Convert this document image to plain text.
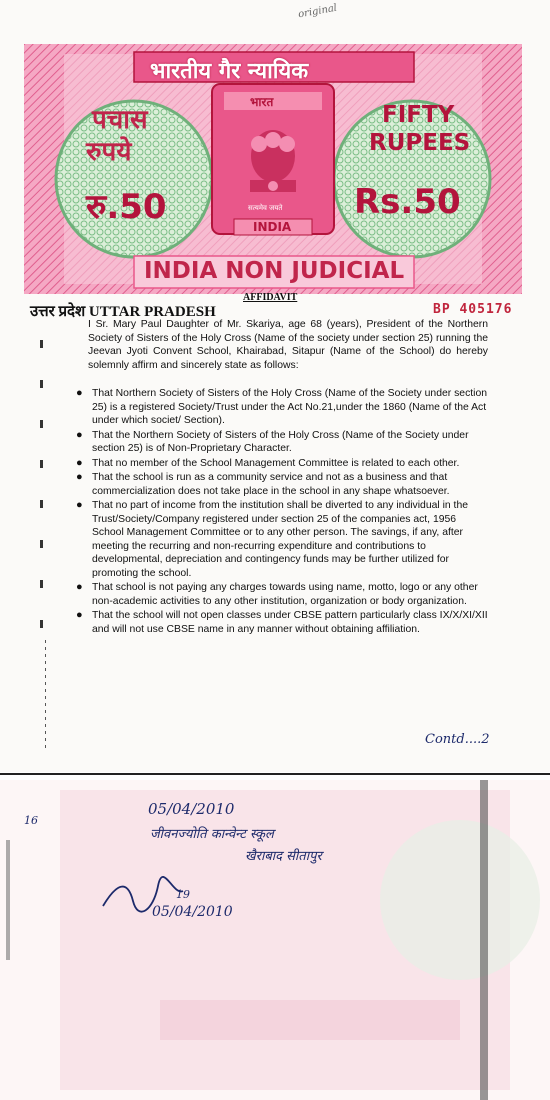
original
भारतीय गैर न्यायिक
भारत
पचास
रुपये
रु.50
FIFTY
RUPEES
Rs.50
INDIA
सत्यमेव जयते
INDIA NON JUDICIAL
AFFIDAVIT
उत्तर प्रदेश UTTAR PRADESH	BP 405176
I Sr. Mary Paul Daughter of Mr. Skariya, age 68 (years), President of the Northern Society of Sisters of the Holy Cross (Name of the society under section 25) running the Jeevan Jyoti Convent School, Khairabad, Sitapur (Name of the School) do hereby solemnly affirm and sincerely state as follows:
● That Northern Society of Sisters of the Holy Cross (Name of the Society under section 25) is a registered Society/Trust under the Act No.21,under the 1860 (Name of the Act under which societ/ Section).
● That the Northern Society of Sisters of the Holy Cross (Name of the Society under section 25) is of Non-Proprietary Character.
● That no member of the School Management Committee is related to each other.
● That the school is run as a community service and not as a business and that commercialization does not take place in the school in any shape whatsoever.
● That no part of income from the institution shall be diverted to any individual in the Trust/Society/Company registered under section 25 of the companies act, 1956 School Management Committee or to any other person. The savings, if any, after meeting the recurring and non-recurring expenditure and contributions to developmental, depreciation and contingency funds may be further utilized for promoting the school.
● That school is not paying any charges towards using name, motto, logo or any other non-academic activities to any other institution, organization or body organization.
● That the school will not open classes under CBSE pattern particularly class IX/X/XI/XII and will not use CBSE name in any manner without obtaining affiliation.
Contd....2
16
05/04/2010
जीवनज्योति कान्वेन्ट स्कूल
खैराबाद सीतापुर
19
05/04/2010
